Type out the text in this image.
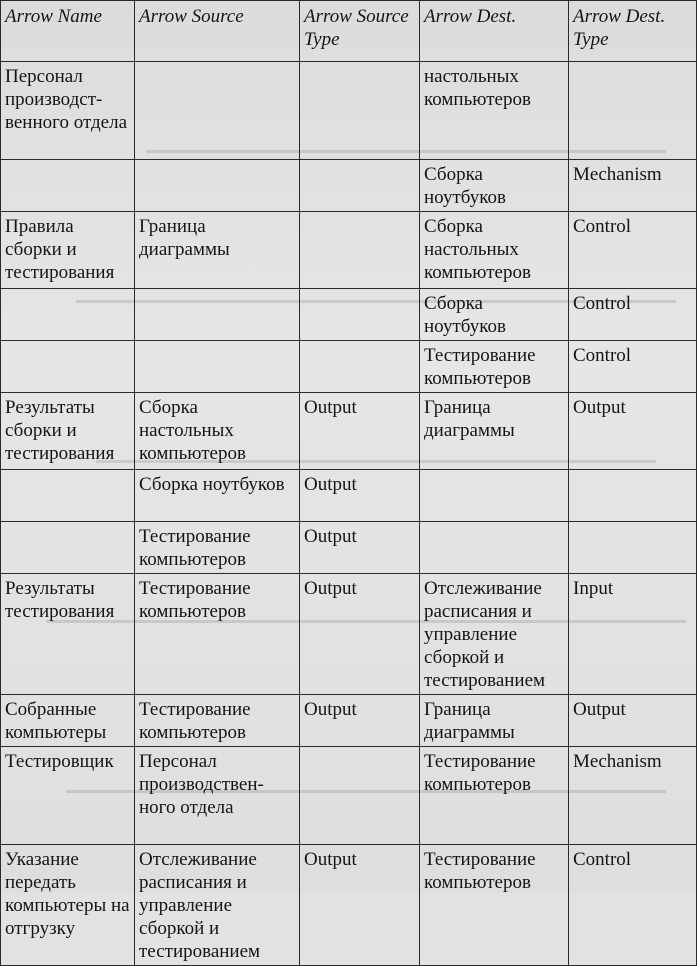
Arrow Name	Arrow Source	Arrow Source Type	Arrow Dest.	Arrow Dest. Type
Персонал производст-венного отдела			настольных компьютеров	
			Сборка ноутбуков	Mechanism
Правила сборки и тестирования	Граница диаграммы		Сборка настольных компьютеров	Control
			Сборка ноутбуков	Control
			Тестирование компьютеров	Control
Результаты сборки и тестирования	Сборка настольных компьютеров	Output	Граница диаграммы	Output
	Сборка ноутбуков	Output		
	Тестирование компьютеров	Output		
Результаты тестирования	Тестирование компьютеров	Output	Отслеживание расписания и управление сборкой и тестированием	Input
Собранные компьютеры	Тестирование компьютеров	Output	Граница диаграммы	Output
Тестировщик	Персонал производствен-ного отдела		Тестирование компьютеров	Mechanism
Указание передать компьютеры на отгрузку	Отслеживание расписания и управление сборкой и тестированием	Output	Тестирование компьютеров	Control
